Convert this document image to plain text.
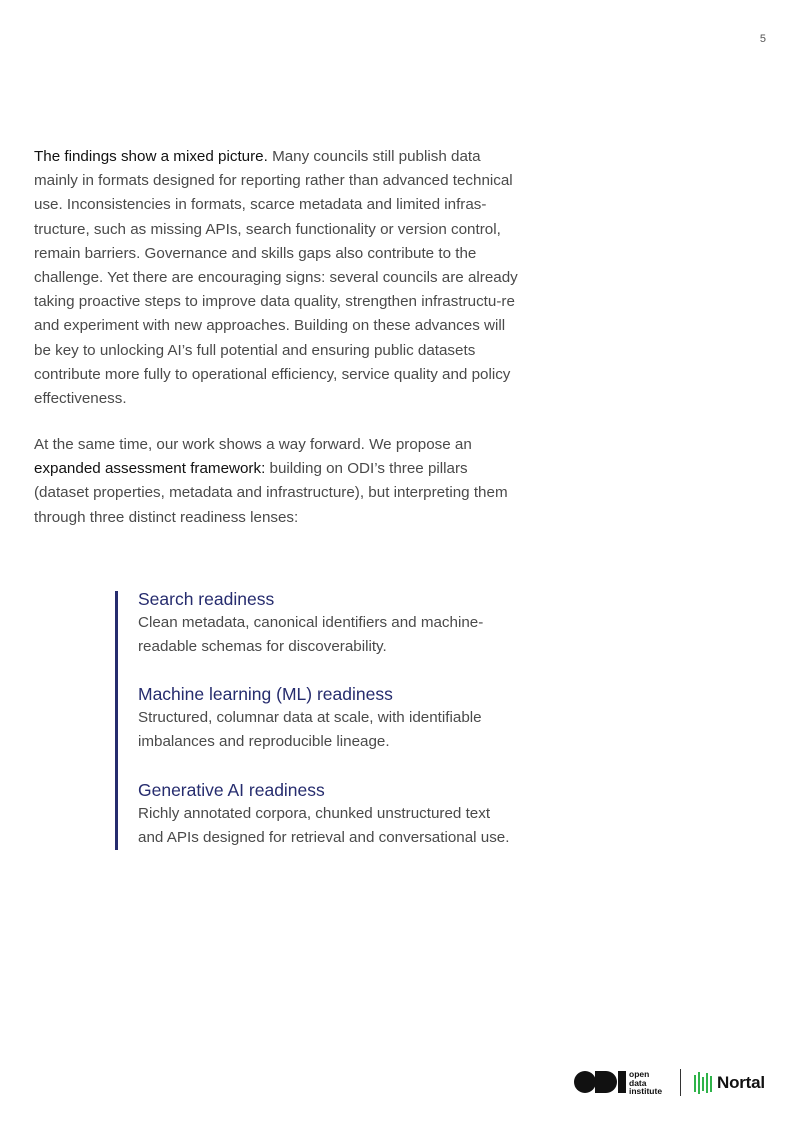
5

The findings show a mixed picture. Many councils still publish data mainly in formats designed for reporting rather than advanced technical use. Inconsistencies in formats, scarce metadata and limited infras-tructure, such as missing APIs, search functionality or version control, remain barriers. Governance and skills gaps also contribute to the challenge. Yet there are encouraging signs: several councils are already taking proactive steps to improve data quality, strengthen infrastructu-re and experiment with new approaches. Building on these advances will be key to unlocking AI’s full potential and ensuring public datasets contribute more fully to operational efficiency, service quality and policy effectiveness.

At the same time, our work shows a way forward. We propose an expanded assessment framework: building on ODI’s three pillars (dataset properties, metadata and infrastructure), but interpreting them through three distinct readiness lenses:

Search readiness

Clean metadata, canonical identifiers and machine-
readable schemas for discoverability.

Machine learning (ML) readiness

Structured, columnar data at scale, with identifiable
imbalances and reproducible lineage.

Generative AI readiness

Richly annotated corpora, chunked unstructured text
and APIs designed for retrieval and conversational use.

open
data
institute	Nortal
